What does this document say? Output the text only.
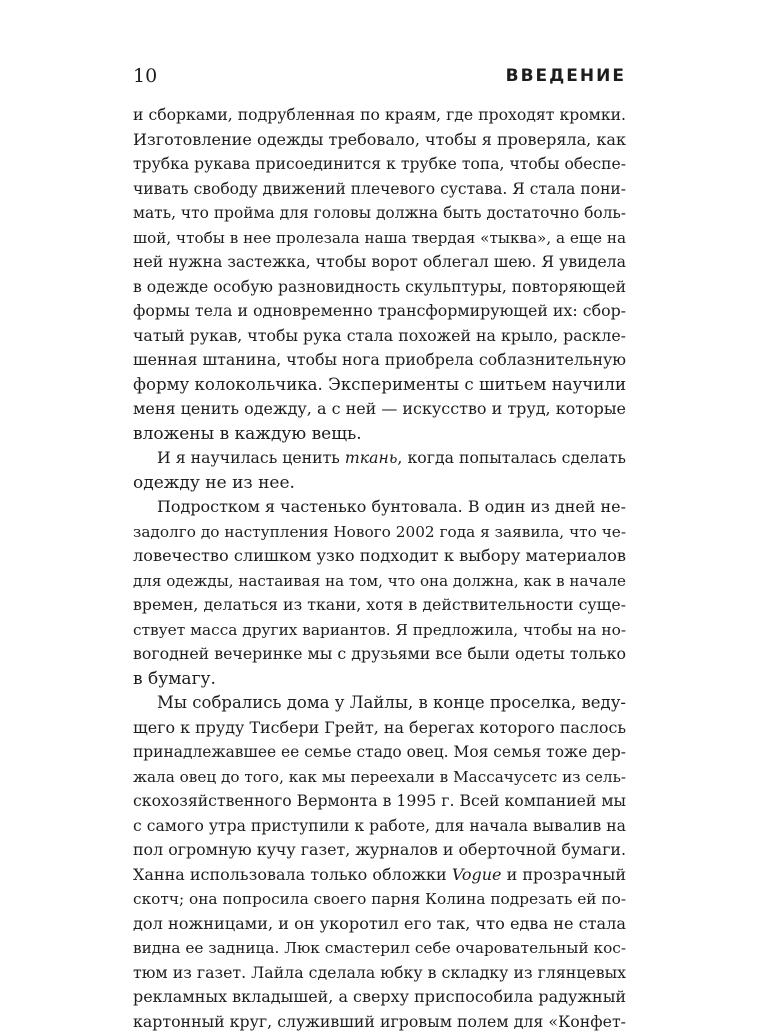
10	ВВЕДЕНИЕ
и сборками, подрубленная по краям, где проходят кромки.
Изготовление одежды требовало, чтобы я проверяла, как
трубка рукава присоединится к трубке топа, чтобы обеспе-
чивать свободу движений плечевого сустава. Я стала пони-
мать, что пройма для головы должна быть достаточно боль-
шой, чтобы в нее пролезала наша твердая «тыква», а еще на
ней нужна застежка, чтобы ворот облегал шею. Я увидела
в одежде особую разновидность скульптуры, повторяющей
формы тела и одновременно трансформирующей их: сбор-
чатый рукав, чтобы рука стала похожей на крыло, раскле-
шенная штанина, чтобы нога приобрела соблазнительную
форму колокольчика. Эксперименты с шитьем научили
меня ценить одежду, а с ней — искусство и труд, которые
вложены в каждую вещь.
И я научилась ценить ткань, когда попыталась сделать
одежду не из нее.
Подростком я частенько бунтовала. В один из дней не-
задолго до наступления Нового 2002 года я заявила, что че-
ловечество слишком узко подходит к выбору материалов
для одежды, настаивая на том, что она должна, как в начале
времен, делаться из ткани, хотя в действительности суще-
ствует масса других вариантов. Я предложила, чтобы на но-
вогодней вечеринке мы с друзьями все были одеты только
в бумагу.
Мы собрались дома у Лайлы, в конце проселка, веду-
щего к пруду Тисбери Грейт, на берегах которого паслось
принадлежавшее ее семье стадо овец. Моя семья тоже дер-
жала овец до того, как мы переехали в Массачусетс из сель-
скохозяйственного Вермонта в 1995 г. Всей компанией мы
с самого утра приступили к работе, для начала вывалив на
пол огромную кучу газет, журналов и оберточной бумаги.
Ханна использовала только обложки Vogue и прозрачный
скотч; она попросила своего парня Колина подрезать ей по-
дол ножницами, и он укоротил его так, что едва не стала
видна ее задница. Люк смастерил себе очаровательный кос-
тюм из газет. Лайла сделала юбку в складку из глянцевых
рекламных вкладышей, а сверху приспособила радужный
картонный круг, служивший игровым полем для «Конфет-
